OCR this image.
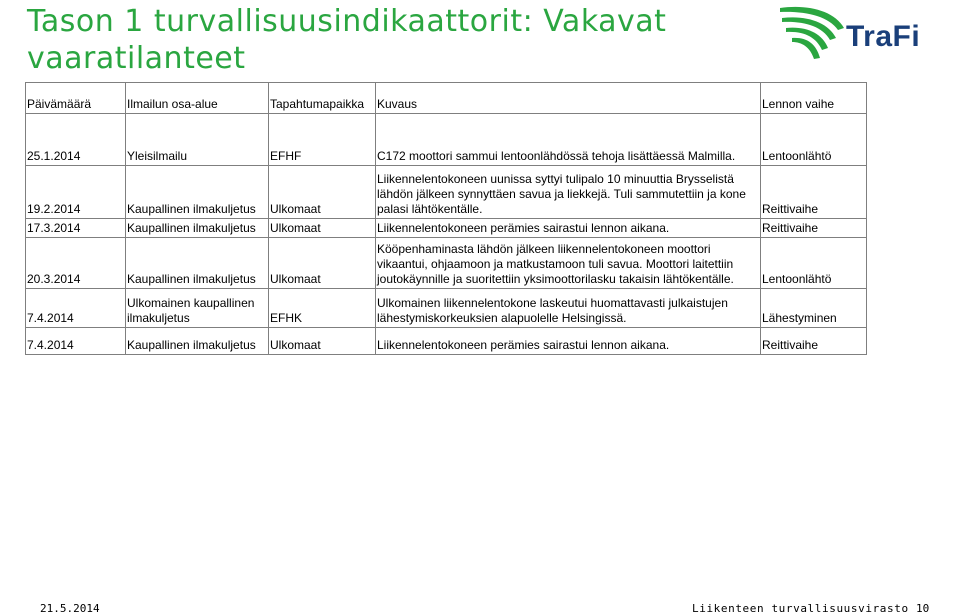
Tason 1 turvallisuusindikaattorit: Vakavat vaaratilanteet
TraFi
Päivämäärä	Ilmailun osa-alue	Tapahtumapaikka	Kuvaus	Lennon vaihe
25.1.2014	Yleisilmailu	EFHF	C172 moottori sammui lentoonlähdössä tehoja lisättäessä Malmilla.	Lentoonlähtö
19.2.2014	Kaupallinen ilmakuljetus	Ulkomaat	Liikennelentokoneen uunissa syttyi tulipalo 10 minuuttia Brysselistä lähdön jälkeen synnyttäen savua ja liekkejä. Tuli sammutettiin ja kone palasi lähtökentälle.	Reittivaihe
17.3.2014	Kaupallinen ilmakuljetus	Ulkomaat	Liikennelentokoneen perämies sairastui lennon aikana.	Reittivaihe
20.3.2014	Kaupallinen ilmakuljetus	Ulkomaat	Kööpenhaminasta lähdön jälkeen liikennelentokoneen moottori vikaantui, ohjaamoon ja matkustamoon tuli savua. Moottori laitettiin joutokäynnille ja suoritettiin yksimoottorilasku takaisin lähtökentälle.	Lentoonlähtö
7.4.2014	Ulkomainen kaupallinen ilmakuljetus	EFHK	Ulkomainen liikennelentokone laskeutui huomattavasti julkaistujen lähestymiskorkeuksien alapuolelle Helsingissä.	Lähestyminen
7.4.2014	Kaupallinen ilmakuljetus	Ulkomaat	Liikennelentokoneen perämies sairastui lennon aikana.	Reittivaihe
21.5.2014	Liikenteen turvallisuusvirasto 10
